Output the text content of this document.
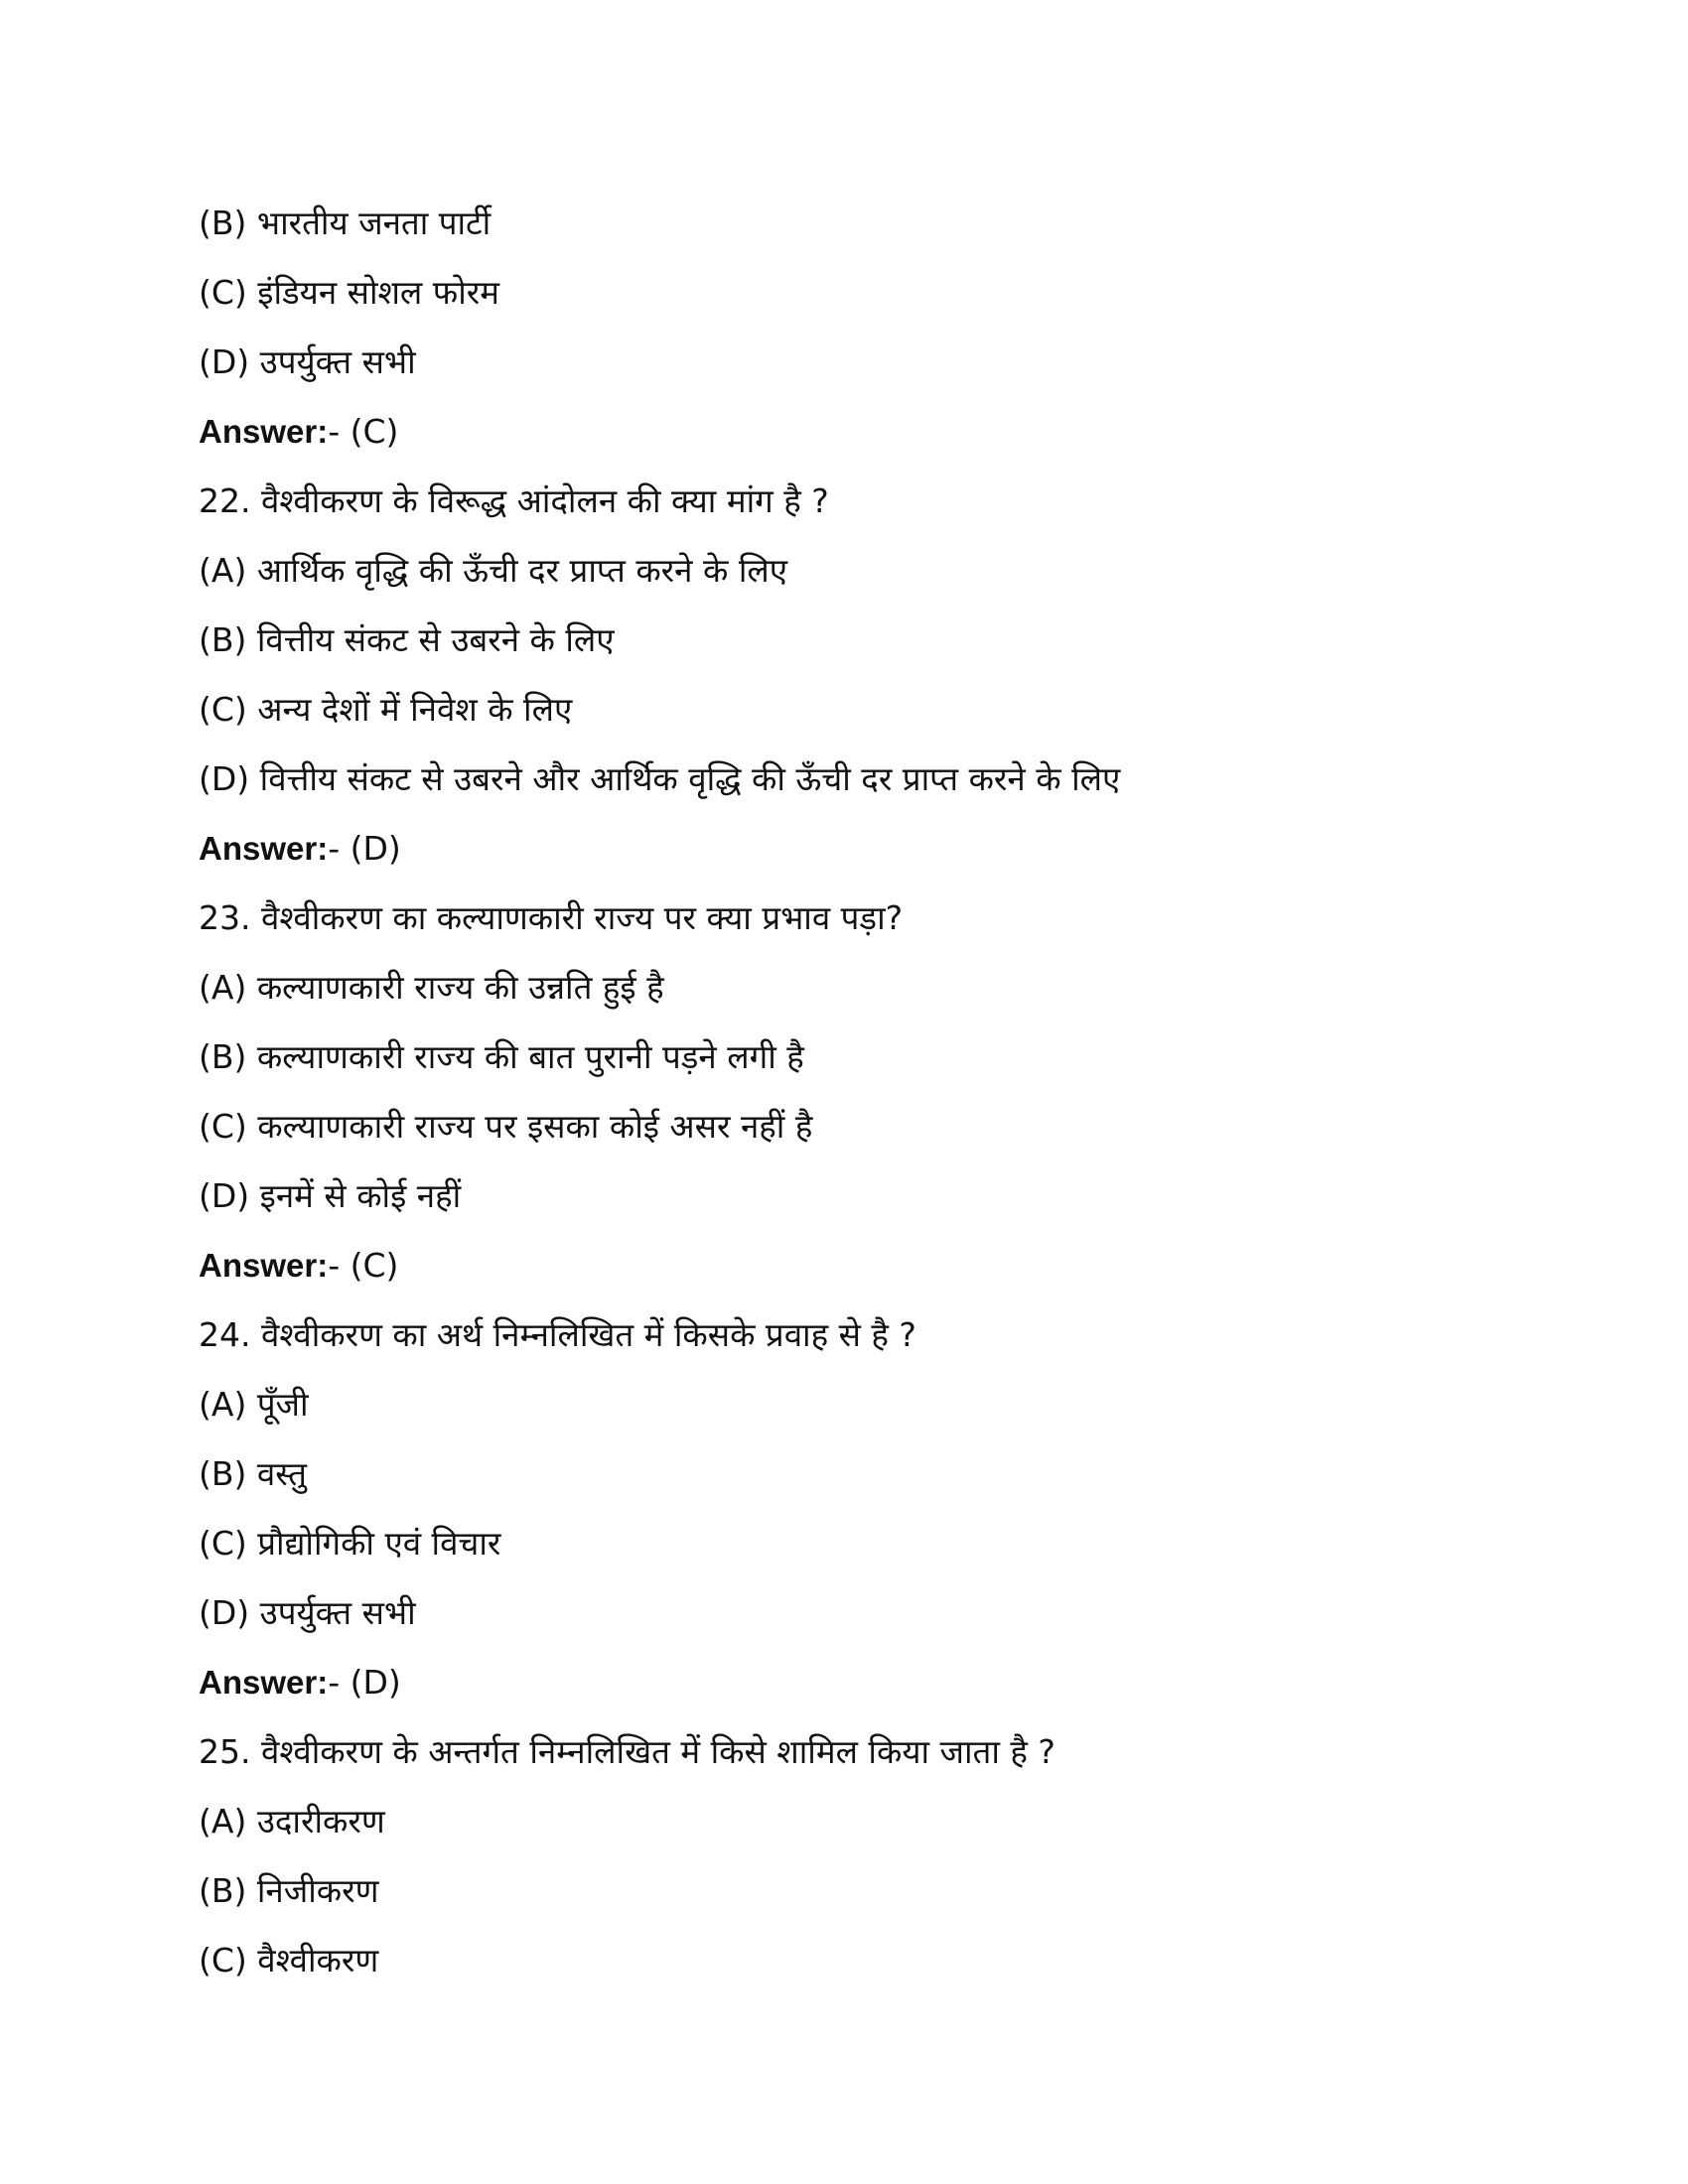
(B) भारतीय जनता पार्टी
(C) इंडियन सोशल फोरम
(D) उपर्युक्त सभी
Answer:- (C)
22. वैश्वीकरण के विरूद्ध आंदोलन की क्या मांग है ?
(A) आर्थिक वृद्धि की ऊँची दर प्राप्त करने के लिए
(B) वित्तीय संकट से उबरने के लिए
(C) अन्य देशों में निवेश के लिए
(D) वित्तीय संकट से उबरने और आर्थिक वृद्धि की ऊँची दर प्राप्त करने के लिए
Answer:- (D)
23. वैश्वीकरण का कल्याणकारी राज्य पर क्या प्रभाव पड़ा?
(A) कल्याणकारी राज्य की उन्नति हुई है
(B) कल्याणकारी राज्य की बात पुरानी पड़ने लगी है
(C) कल्याणकारी राज्य पर इसका कोई असर नहीं है
(D) इनमें से कोई नहीं
Answer:- (C)
24. वैश्वीकरण का अर्थ निम्नलिखित में किसके प्रवाह से है ?
(A) पूँजी
(B) वस्तु
(C) प्रौद्योगिकी एवं विचार
(D) उपर्युक्त सभी
Answer:- (D)
25. वैश्वीकरण के अन्तर्गत निम्नलिखित में किसे शामिल किया जाता है ?
(A) उदारीकरण
(B) निजीकरण
(C) वैश्वीकरण
